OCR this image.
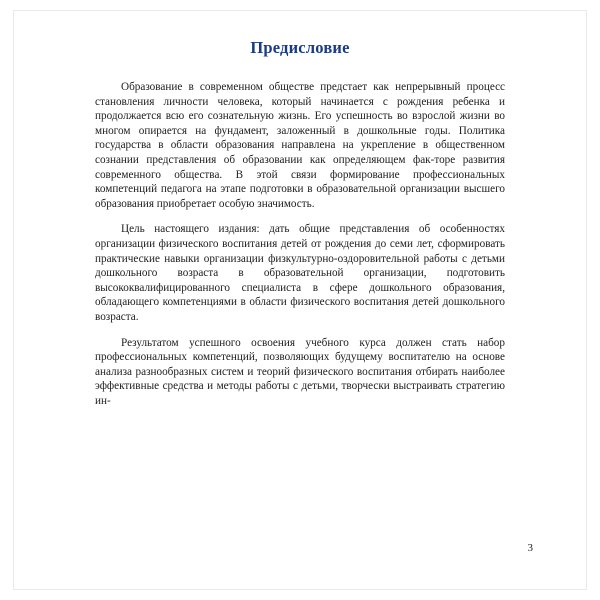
Предисловие

Образование в современном обществе предстает как непрерывный процесс становления личности человека, который начинается с рождения ребенка и продолжается всю его сознательную жизнь. Его успешность во взрослой жизни во многом опирается на фундамент, заложенный в дошкольные годы. Политика государства в области образования направлена на укрепление в общественном сознании представления об образовании как определяющем фак-торе развития современного общества. В этой связи формирование профессиональных компетенций педагога на этапе подготовки в образовательной организации высшего образования приобретает особую значимость.

Цель настоящего издания: дать общие представления об особенностях организации физического воспитания детей от рождения до семи лет, сформировать практические навыки организации физкультурно-оздоровительной работы с детьми дошкольного возраста в образовательной организации, подготовить высококвалифицированного специалиста в сфере дошкольного образования, обладающего компетенциями в области физического воспитания детей дошкольного возраста.

Результатом успешного освоения учебного курса должен стать набор профессиональных компетенций, позволяющих будущему воспитателю на основе анализа разнообразных систем и теорий физического воспитания отбирать наиболее эффективные средства и методы работы с детьми, творчески выстраивать стратегию ин-

3
